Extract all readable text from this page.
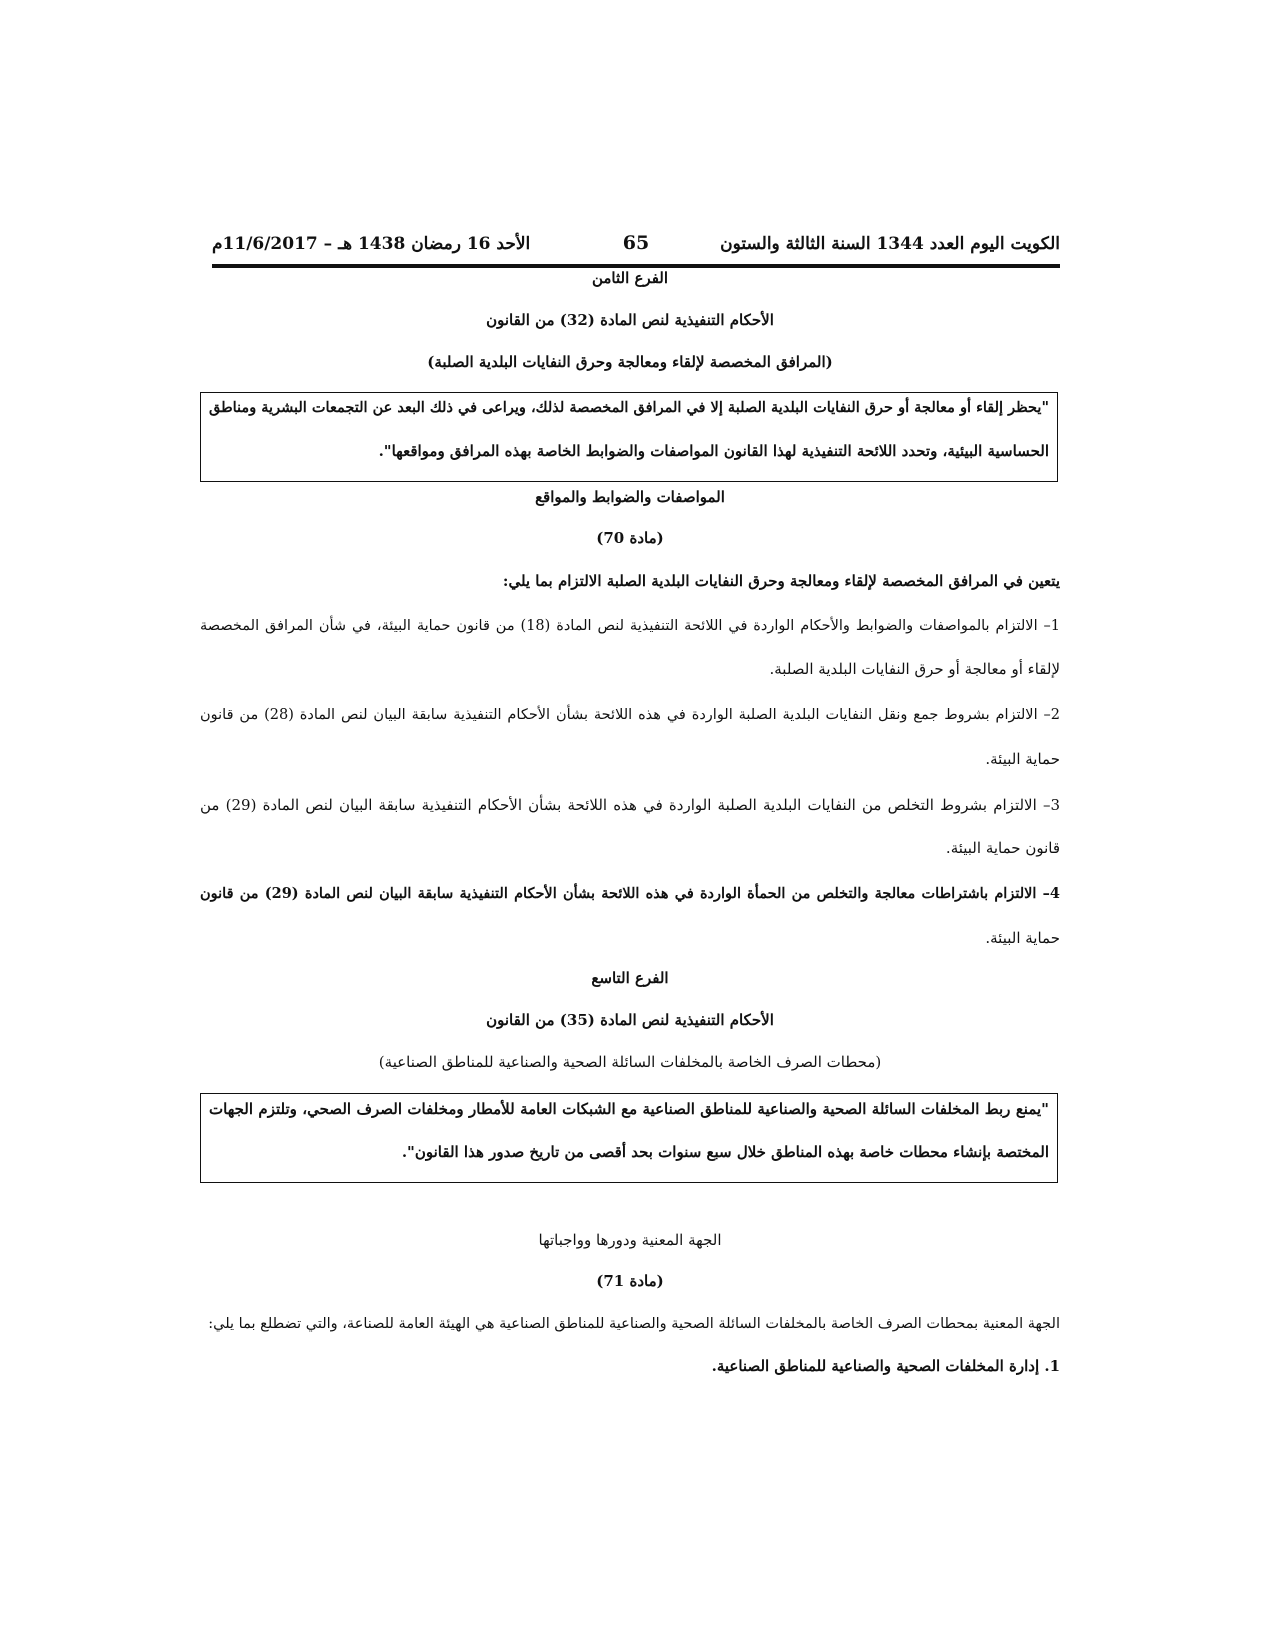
الأحد 16 رمضان 1438 هـ – 11/6/2017م	65	الكويت اليوم العدد 1344 السنة الثالثة والستون
الفرع الثامن
الأحكام التنفيذية لنص المادة (32) من القانون
(المرافق المخصصة لإلقاء ومعالجة وحرق النفايات البلدية الصلبة)
"يحظر إلقاء أو معالجة أو حرق النفايات البلدية الصلبة إلا في المرافق المخصصة لذلك، ويراعى في ذلك البعد عن التجمعات البشرية ومناطق
الحساسية البيئية، وتحدد اللائحة التنفيذية لهذا القانون المواصفات والضوابط الخاصة بهذه المرافق ومواقعها".
المواصفات والضوابط والمواقع
(مادة 70)
يتعين في المرافق المخصصة لإلقاء ومعالجة وحرق النفايات البلدية الصلبة الالتزام بما يلي:
1– الالتزام بالمواصفات والضوابط والأحكام الواردة في اللائحة التنفيذية لنص المادة (18) من قانون حماية البيئة، في شأن المرافق المخصصة
لإلقاء أو معالجة أو حرق النفايات البلدية الصلبة.
2– الالتزام بشروط جمع ونقل النفايات البلدية الصلبة الواردة في هذه اللائحة بشأن الأحكام التنفيذية سابقة البيان لنص المادة (28) من قانون
حماية البيئة.
3– الالتزام بشروط التخلص من النفايات البلدية الصلبة الواردة في هذه اللائحة بشأن الأحكام التنفيذية سابقة البيان لنص المادة (29) من
قانون حماية البيئة.
4– الالتزام باشتراطات معالجة والتخلص من الحمأة الواردة في هذه اللائحة بشأن الأحكام التنفيذية سابقة البيان لنص المادة (29) من قانون
حماية البيئة.
الفرع التاسع
الأحكام التنفيذية لنص المادة (35) من القانون
(محطات الصرف الخاصة بالمخلفات السائلة الصحية والصناعية للمناطق الصناعية)
"يمنع ربط المخلفات السائلة الصحية والصناعية للمناطق الصناعية مع الشبكات العامة للأمطار ومخلفات الصرف الصحي، وتلتزم الجهات
المختصة بإنشاء محطات خاصة بهذه المناطق خلال سبع سنوات بحد أقصى من تاريخ صدور هذا القانون".
الجهة المعنية ودورها وواجباتها
(مادة 71)
الجهة المعنية بمحطات الصرف الخاصة بالمخلفات السائلة الصحية والصناعية للمناطق الصناعية هي الهيئة العامة للصناعة، والتي تضطلع بما يلي:
1. إدارة المخلفات الصحية والصناعية للمناطق الصناعية.
